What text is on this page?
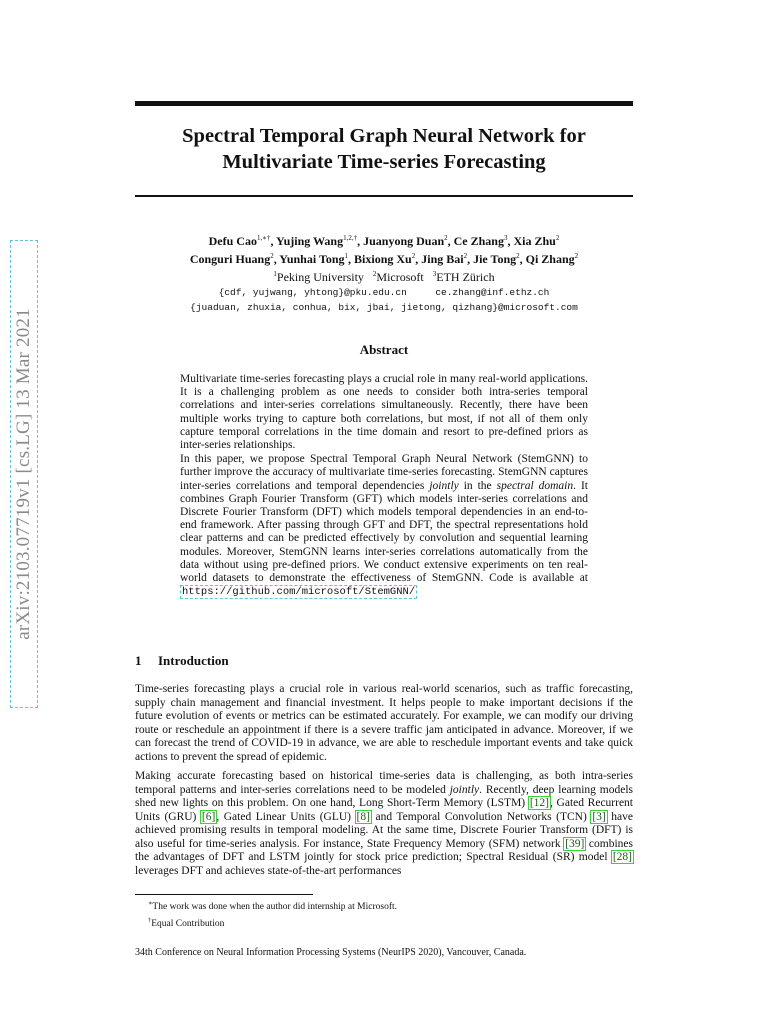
arXiv:2103.07719v1 [cs.LG] 13 Mar 2021
Spectral Temporal Graph Neural Network for
Multivariate Time-series Forecasting
Defu Cao$^{1,∗\dagger}$, Yujing Wang$^{1,2,\dagger}$, Juanyong Duan$^2$, Ce Zhang$^3$, Xia Zhu$^2$
Conguri Huang$^2$, Yunhai Tong$^1$, Bixiong Xu$^2$, Jing Bai$^2$, Jie Tong$^2$, Qi Zhang$^2$
$^1$Peking University $^2$Microsoft $^3$ETH Zürich
{cdf, yujwang, yhtong}@pku.edu.cn	ce.zhang@inf.ethz.ch
{juaduan, zhuxia, conhua, bix, jbai, jietong, qizhang}@microsoft.com
Abstract

Multivariate time-series forecasting plays a crucial role in many real-world applications. It is a challenging problem as one needs to consider both intra-series temporal correlations and inter-series correlations simultaneously. Recently, there have been multiple works trying to capture both correlations, but most, if not all of them only capture temporal correlations in the time domain and resort to pre-defined priors as inter-series relationships.

In this paper, we propose Spectral Temporal Graph Neural Network (StemGNN) to further improve the accuracy of multivariate time-series forecasting. StemGNN captures inter-series correlations and temporal dependencies jointly in the spectral domain. It combines Graph Fourier Transform (GFT) which models inter-series correlations and Discrete Fourier Transform (DFT) which models temporal dependencies in an end-to-end framework. After passing through GFT and DFT, the spectral representations hold clear patterns and can be predicted effectively by convolution and sequential learning modules. Moreover, StemGNN learns inter-series correlations automatically from the data without using pre-defined priors. We conduct extensive experiments on ten real-world datasets to demonstrate the effectiveness of StemGNN. Code is available at https://github.com/microsoft/StemGNN/

1 Introduction

Time-series forecasting plays a crucial role in various real-world scenarios, such as traffic forecasting, supply chain management and financial investment. It helps people to make important decisions if the future evolution of events or metrics can be estimated accurately. For example, we can modify our driving route or reschedule an appointment if there is a severe traffic jam anticipated in advance. Moreover, if we can forecast the trend of COVID-19 in advance, we are able to reschedule important events and take quick actions to prevent the spread of epidemic.

Making accurate forecasting based on historical time-series data is challenging, as both intra-series temporal patterns and inter-series correlations need to be modeled jointly. Recently, deep learning models shed new lights on this problem. On one hand, Long Short-Term Memory (LSTM) [12], Gated Recurrent Units (GRU) [6], Gated Linear Units (GLU) [8] and Temporal Convolution Networks (TCN) [3] have achieved promising results in temporal modeling. At the same time, Discrete Fourier Transform (DFT) is also useful for time-series analysis. For instance, State Frequency Memory (SFM) network [39] combines the advantages of DFT and LSTM jointly for stock price prediction; Spectral Residual (SR) model [28] leverages DFT and achieves state-of-the-art performances

∗The work was done when the author did internship at Microsoft.
†Equal Contribution
34th Conference on Neural Information Processing Systems (NeurIPS 2020), Vancouver, Canada.
